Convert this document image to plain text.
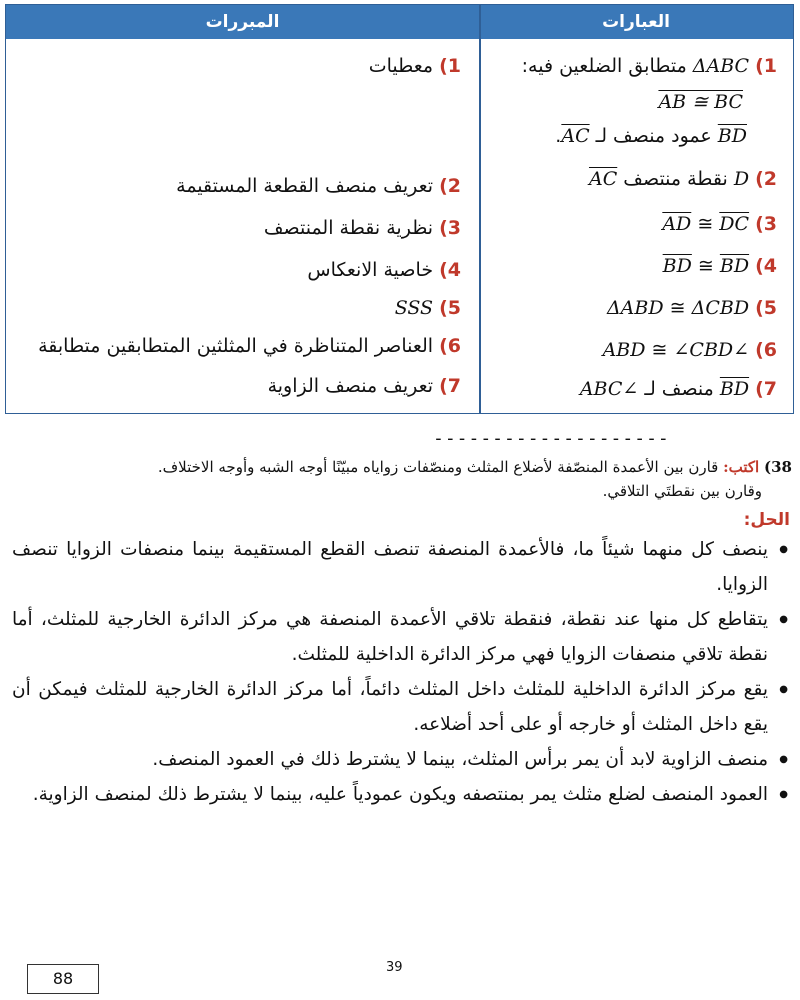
العبارات
المبررات
1)ΔABC متطابق الضلعين فيه:
AB ≅ BC
BD عمود منصف لـ AC.
1)معطيات
2)D نقطة منتصف AC
2)تعريف منصف القطعة المستقيمة
3)AD ≅ DC
3)نظرية نقطة المنتصف
4)BD ≅ BD
4)خاصية الانعكاس
5)ΔABD ≅ ΔCBD
5)SSS
6)∠ABD ≅ ∠CBD
6)العناصر المتناظرة في المثلثين المتطابقين متطابقة
7)BD منصف لـ ∠ABC
7)تعريف منصف الزاوية
--------------------
38) اكتب: قارن بين الأعمدة المنصّفة لأضلاع المثلث ومنصّفات زواياه مبيّنًا أوجه الشبه وأوجه الاختلاف.
وقارن بين نقطتَي التلاقي.
الحل:
● ينصف كل منهما شيئاً ما، فالأعمدة المنصفة تنصف القطع المستقيمة بينما منصفات الزوايا تنصف الزوايا.
● يتقاطع كل منها عند نقطة، فنقطة تلاقي الأعمدة المنصفة هي مركز الدائرة الخارجية للمثلث، أما نقطة تلاقي منصفات الزوايا فهي مركز الدائرة الداخلية للمثلث.
● يقع مركز الدائرة الداخلية للمثلث داخل المثلث دائماً، أما مركز الدائرة الخارجية للمثلث فيمكن أن يقع داخل المثلث أو خارجه أو على أحد أضلاعه.
● منصف الزاوية لابد أن يمر برأس المثلث، بينما لا يشترط ذلك في العمود المنصف.
● العمود المنصف لضلع مثلث يمر بمنتصفه ويكون عمودياً عليه، بينما لا يشترط ذلك لمنصف الزاوية.
39
88
